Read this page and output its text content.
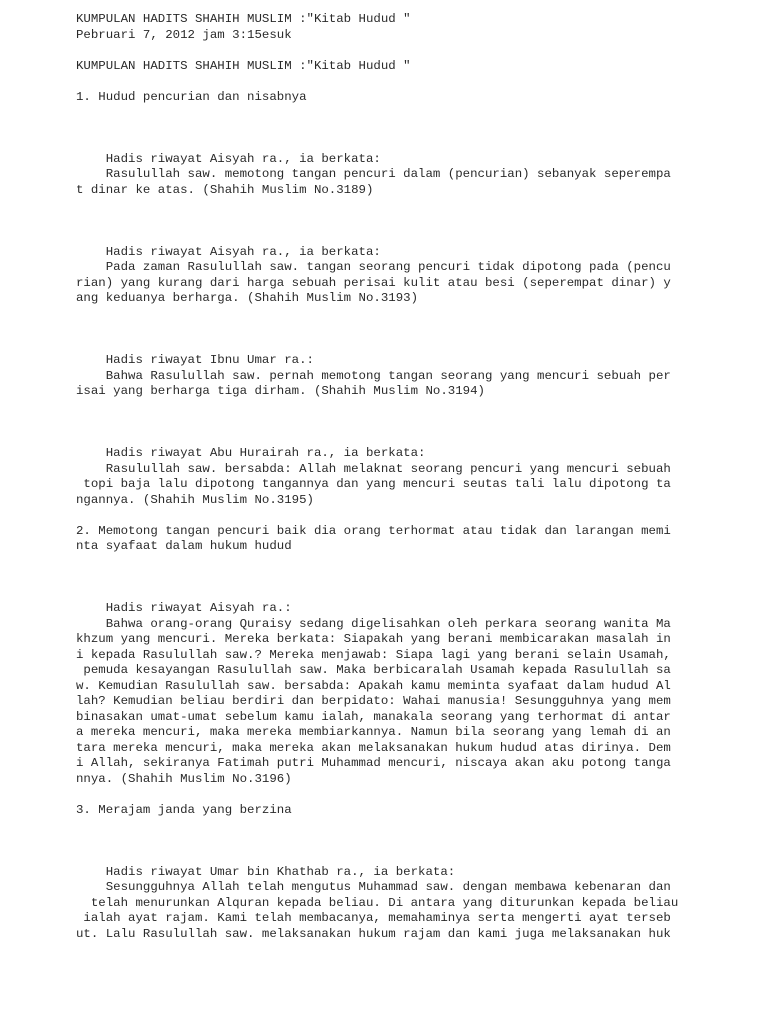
KUMPULAN HADITS SHAHIH MUSLIM :"Kitab Hudud "
Pebruari 7, 2012 jam 3:15esuk
KUMPULAN HADITS SHAHIH MUSLIM :"Kitab Hudud "
1. Hudud pencurian dan nisabnya
Hadis riwayat Aisyah ra., ia berkata:
Rasulullah saw. memotong tangan pencuri dalam (pencurian) sebanyak seperempa
t dinar ke atas. (Shahih Muslim No.3189)
Hadis riwayat Aisyah ra., ia berkata:
Pada zaman Rasulullah saw. tangan seorang pencuri tidak dipotong pada (pencu
rian) yang kurang dari harga sebuah perisai kulit atau besi (seperempat dinar) y
ang keduanya berharga. (Shahih Muslim No.3193)
Hadis riwayat Ibnu Umar ra.:
Bahwa Rasulullah saw. pernah memotong tangan seorang yang mencuri sebuah per
isai yang berharga tiga dirham. (Shahih Muslim No.3194)
Hadis riwayat Abu Hurairah ra., ia berkata:
Rasulullah saw. bersabda: Allah melaknat seorang pencuri yang mencuri sebuah
topi baja lalu dipotong tangannya dan yang mencuri seutas tali lalu dipotong ta
ngannya. (Shahih Muslim No.3195)
2. Memotong tangan pencuri baik dia orang terhormat atau tidak dan larangan memi
nta syafaat dalam hukum hudud
Hadis riwayat Aisyah ra.:
Bahwa orang-orang Quraisy sedang digelisahkan oleh perkara seorang wanita Ma
khzum yang mencuri. Mereka berkata: Siapakah yang berani membicarakan masalah in
i kepada Rasulullah saw.? Mereka menjawab: Siapa lagi yang berani selain Usamah,
pemuda kesayangan Rasulullah saw. Maka berbicaralah Usamah kepada Rasulullah sa
w. Kemudian Rasulullah saw. bersabda: Apakah kamu meminta syafaat dalam hudud Al
lah? Kemudian beliau berdiri dan berpidato: Wahai manusia! Sesungguhnya yang mem
binasakan umat-umat sebelum kamu ialah, manakala seorang yang terhormat di antar
a mereka mencuri, maka mereka membiarkannya. Namun bila seorang yang lemah di an
tara mereka mencuri, maka mereka akan melaksanakan hukum hudud atas dirinya. Dem
i Allah, sekiranya Fatimah putri Muhammad mencuri, niscaya akan aku potong tanga
nnya. (Shahih Muslim No.3196)
3. Merajam janda yang berzina
Hadis riwayat Umar bin Khathab ra., ia berkata:
Sesungguhnya Allah telah mengutus Muhammad saw. dengan membawa kebenaran dan
telah menurunkan Alquran kepada beliau. Di antara yang diturunkan kepada beliau
ialah ayat rajam. Kami telah membacanya, memahaminya serta mengerti ayat terseb
ut. Lalu Rasulullah saw. melaksanakan hukum rajam dan kami juga melaksanakan huk
